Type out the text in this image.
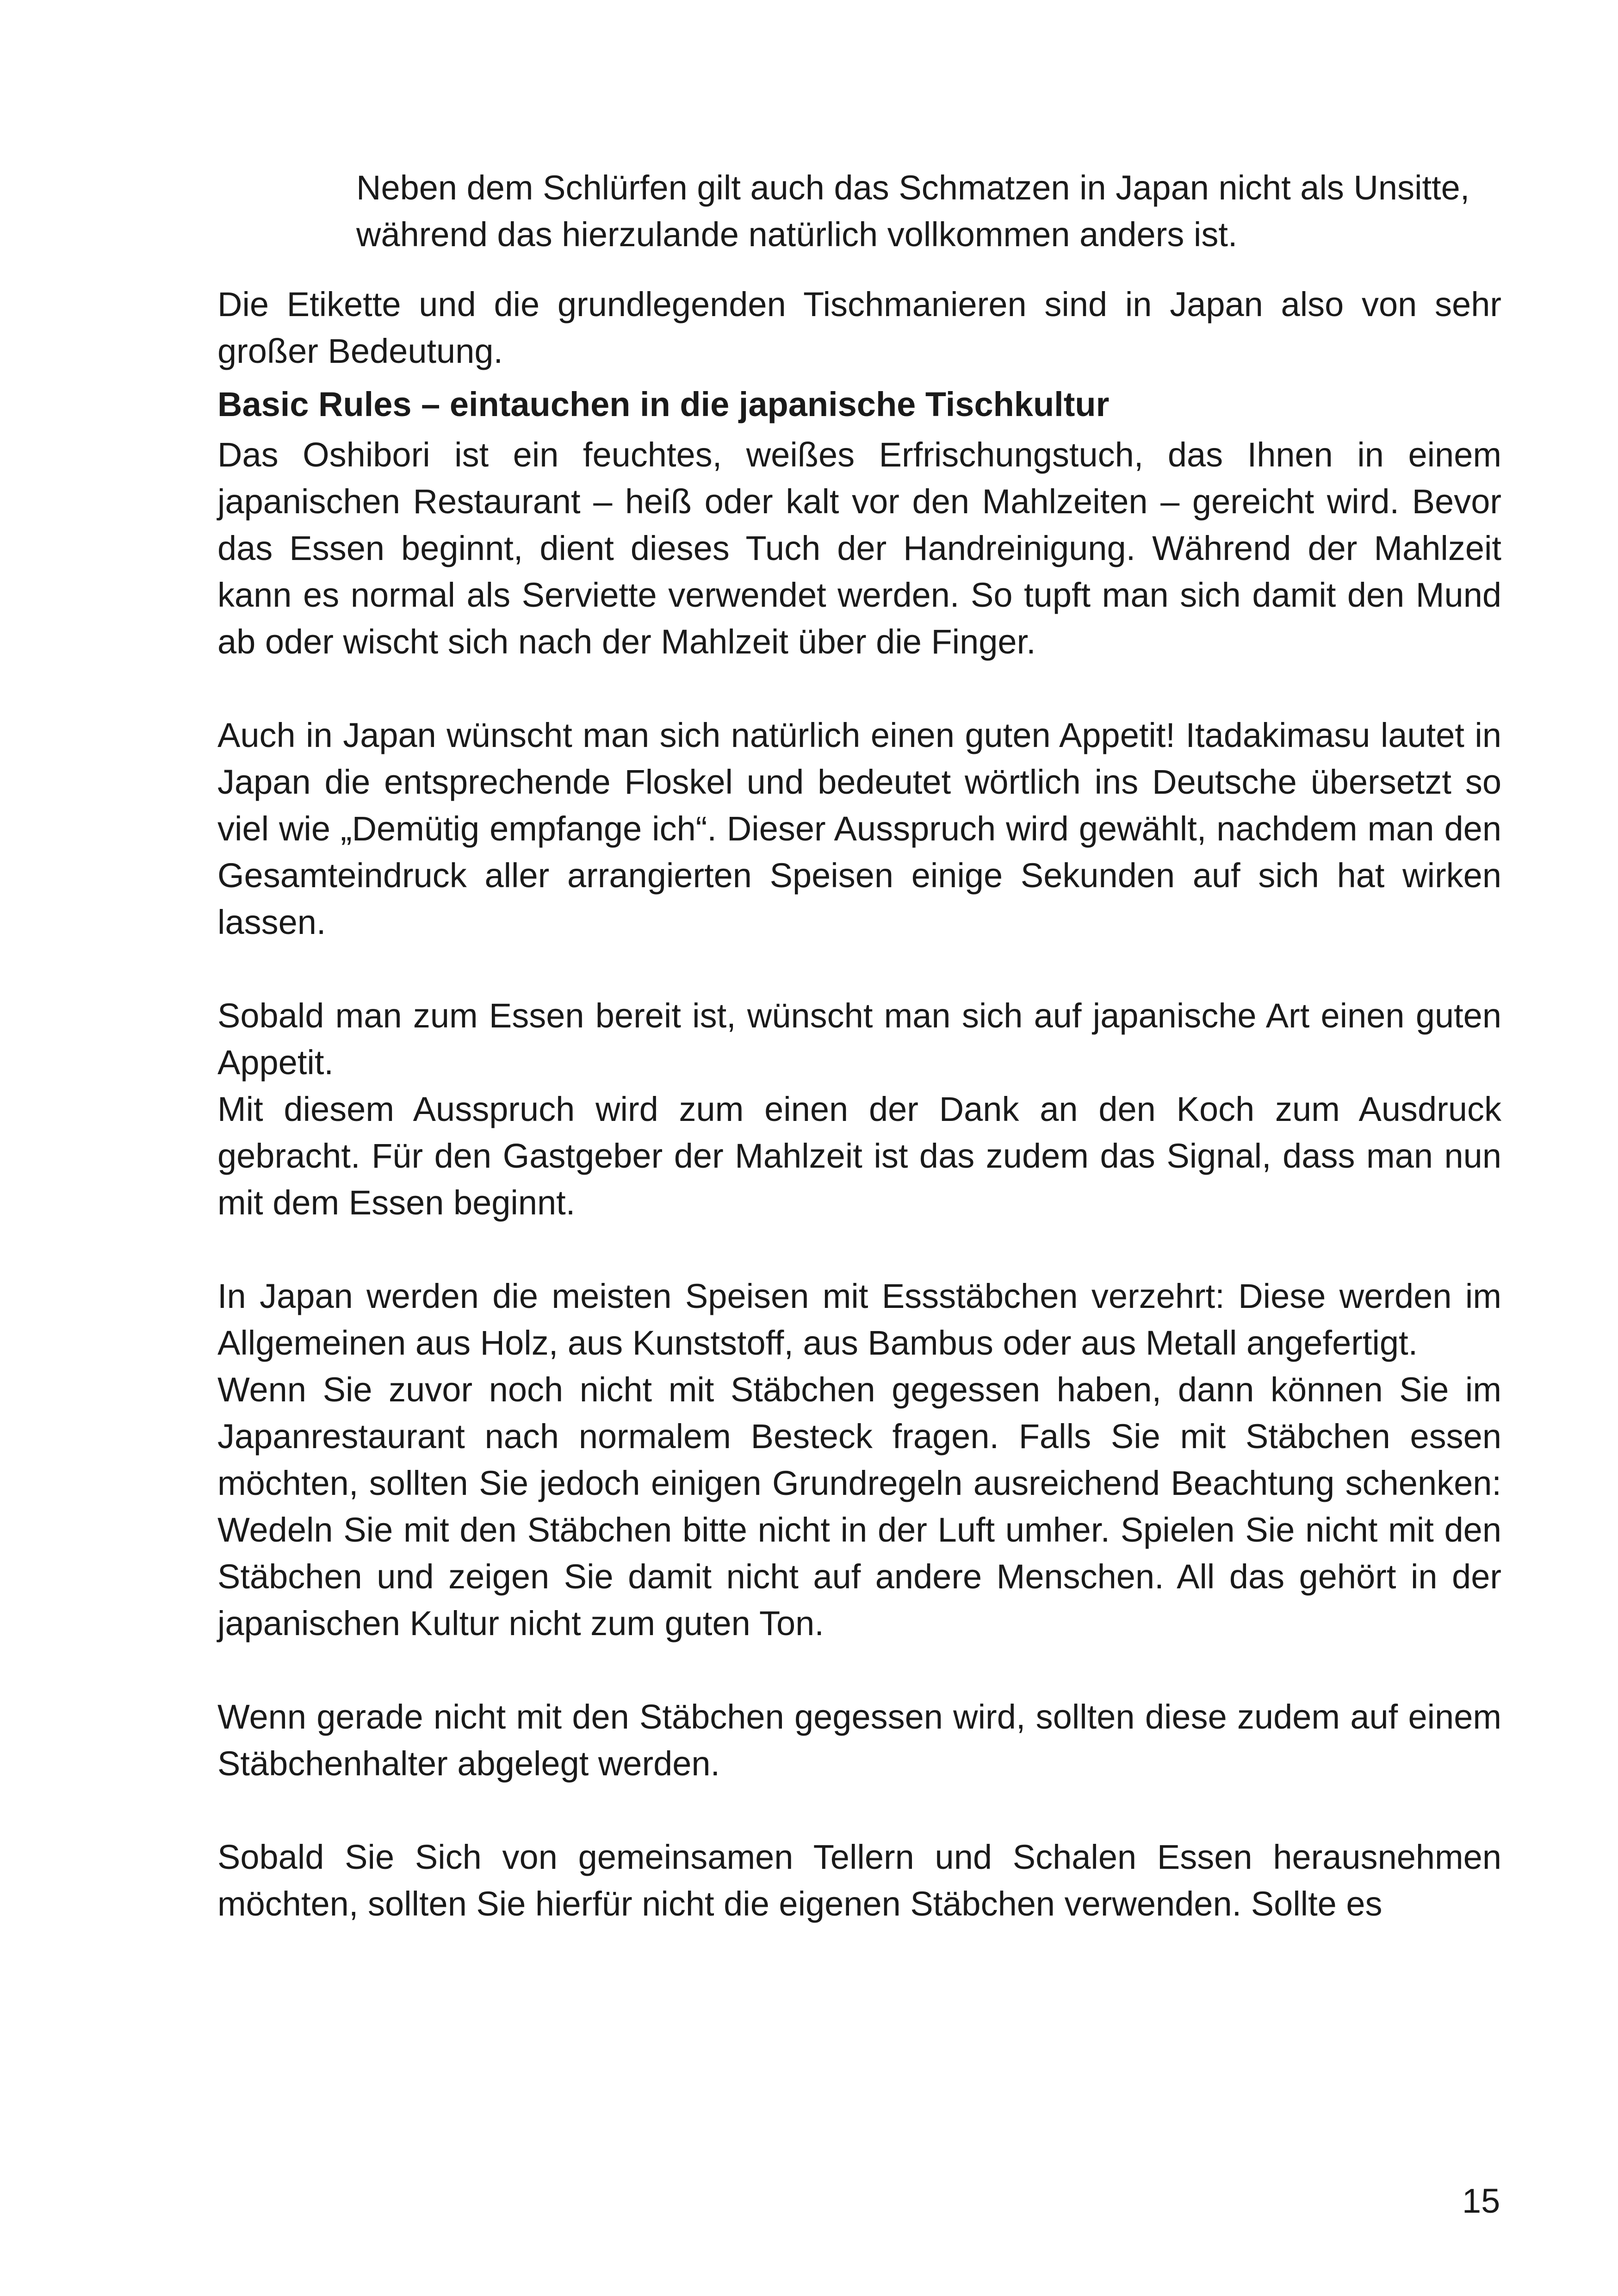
Neben dem Schlürfen gilt auch das Schmatzen in Japan nicht als Unsitte,
während das hierzulande natürlich vollkommen anders ist.

Die Etikette und die grundlegenden Tischmanieren sind in Japan also von sehr großer Bedeutung.

Basic Rules – eintauchen in die japanische Tischkultur

Das Oshibori ist ein feuchtes, weißes Erfrischungstuch, das Ihnen in einem japanischen Restaurant – heiß oder kalt vor den Mahlzeiten – gereicht wird. Bevor das Essen beginnt, dient dieses Tuch der Handreinigung. Während der Mahlzeit kann es normal als Serviette verwendet werden. So tupft man sich damit den Mund ab oder wischt sich nach der Mahlzeit über die Finger.

Auch in Japan wünscht man sich natürlich einen guten Appetit! Itadakimasu lautet in Japan die entsprechende Floskel und bedeutet wörtlich ins Deutsche übersetzt so viel wie „Demütig empfange ich“. Dieser Ausspruch wird gewählt, nachdem man den Gesamteindruck aller arrangierten Speisen einige Sekunden auf sich hat wirken lassen.

Sobald man zum Essen bereit ist, wünscht man sich auf japanische Art einen guten Appetit.

Mit diesem Ausspruch wird zum einen der Dank an den Koch zum Ausdruck gebracht. Für den Gastgeber der Mahlzeit ist das zudem das Signal, dass man nun mit dem Essen beginnt.

In Japan werden die meisten Speisen mit Essstäbchen verzehrt: Diese werden im Allgemeinen aus Holz, aus Kunststoff, aus Bambus oder aus Metall angefertigt.

Wenn Sie zuvor noch nicht mit Stäbchen gegessen haben, dann können Sie im Japanrestaurant nach normalem Besteck fragen. Falls Sie mit Stäbchen essen möchten, sollten Sie jedoch einigen Grundregeln ausreichend Beachtung schenken: Wedeln Sie mit den Stäbchen bitte nicht in der Luft umher. Spielen Sie nicht mit den Stäbchen und zeigen Sie damit nicht auf andere Menschen. All das gehört in der japanischen Kultur nicht zum guten Ton.

Wenn gerade nicht mit den Stäbchen gegessen wird, sollten diese zudem auf einem Stäbchenhalter abgelegt werden.

Sobald Sie Sich von gemeinsamen Tellern und Schalen Essen herausnehmen möchten, sollten Sie hierfür nicht die eigenen Stäbchen verwenden. Sollte es

15
